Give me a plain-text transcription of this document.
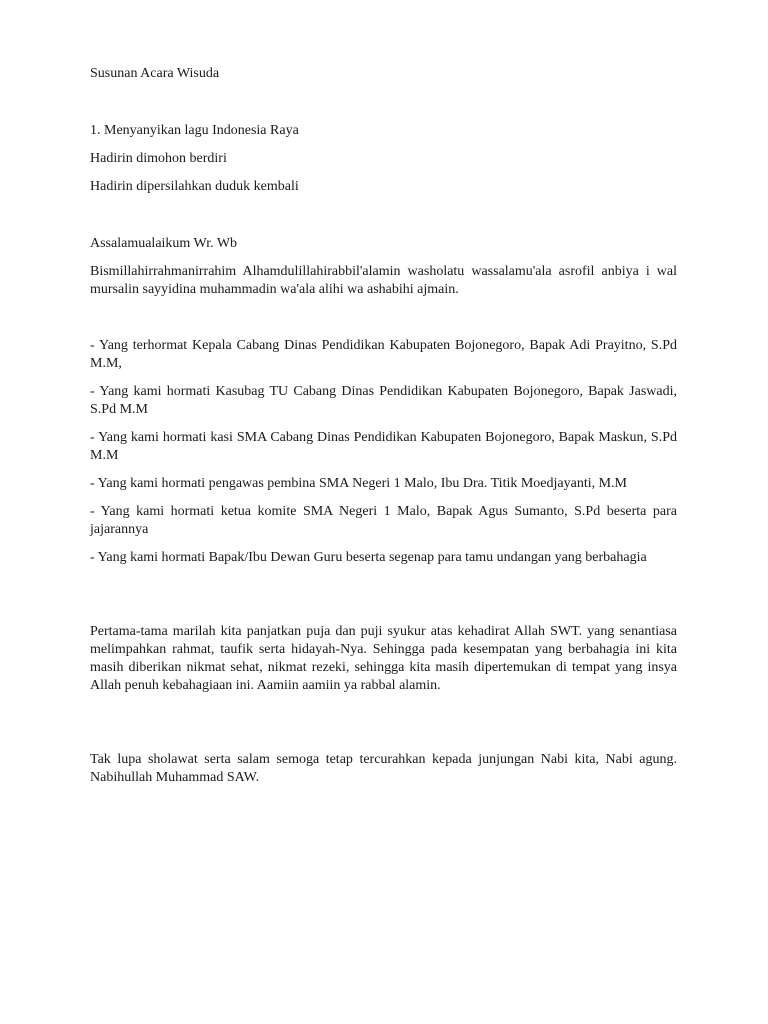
Susunan Acara Wisuda

1. Menyanyikan lagu Indonesia Raya

Hadirin dimohon berdiri

Hadirin dipersilahkan duduk kembali

Assalamualaikum Wr. Wb

Bismillahirrahmanirrahim Alhamdulillahirabbil'alamin washolatu wassalamu'ala asrofil anbiya i wal mursalin sayyidina muhammadin wa'ala alihi wa ashabihi ajmain.

- Yang terhormat Kepala Cabang Dinas Pendidikan Kabupaten Bojonegoro, Bapak Adi Prayitno, S.Pd M.M,

- Yang kami hormati Kasubag TU Cabang Dinas Pendidikan Kabupaten Bojonegoro, Bapak Jaswadi, S.Pd M.M

- Yang kami hormati kasi SMA Cabang Dinas Pendidikan Kabupaten Bojonegoro, Bapak Maskun, S.Pd M.M

- Yang kami hormati pengawas pembina SMA Negeri 1 Malo, Ibu Dra. Titik Moedjayanti, M.M

- Yang kami hormati ketua komite SMA Negeri 1 Malo, Bapak Agus Sumanto, S.Pd beserta para jajarannya

- Yang kami hormati Bapak/Ibu Dewan Guru beserta segenap para tamu undangan yang berbahagia

Pertama-tama marilah kita panjatkan puja dan puji syukur atas kehadirat Allah SWT. yang senantiasa melimpahkan rahmat, taufik serta hidayah-Nya. Sehingga pada kesempatan yang berbahagia ini kita masih diberikan nikmat sehat, nikmat rezeki, sehingga kita masih dipertemukan di tempat yang insya Allah penuh kebahagiaan ini. Aamiin aamiin ya rabbal alamin.

Tak lupa sholawat serta salam semoga tetap tercurahkan kepada junjungan Nabi kita, Nabi agung. Nabihullah Muhammad SAW.
